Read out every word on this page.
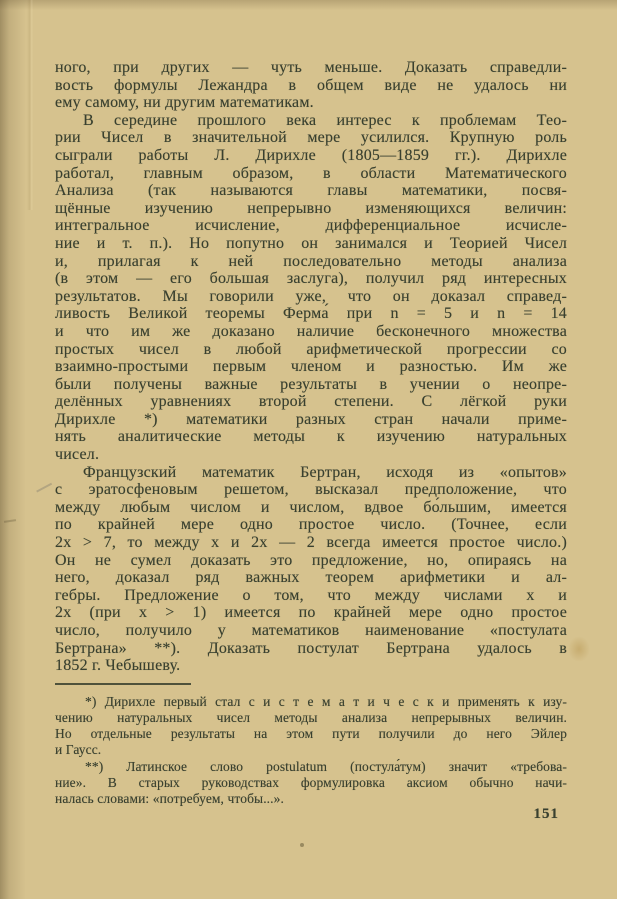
ного, при других — чуть меньше. Доказать справедли-
вость формулы Лежандра в общем виде не удалось ни
ему самому, ни другим математикам.
В середине прошлого века интерес к проблемам Тео-
рии Чисел в значительной мере усилился. Крупную роль
сыграли работы Л. Дирихле (1805—1859 гг.). Дирихле
работал, главным образом, в области Математического
Анализа (так называются главы математики, посвя-
щённые изучению непрерывно изменяющихся величин:
интегральное исчисление, дифференциальное исчисле-
ние и т. п.). Но попутно он занимался и Теорией Чисел
и, прилагая к ней последовательно методы анализа
(в этом — его большая заслуга), получил ряд интересных
результатов. Мы говорили уже, что он доказал справед-
ливость Великой теоремы Ферма́ при n = 5 и n = 14
и что им же доказано наличие бесконечного множества
простых чисел в любой арифметической прогрессии со
взаимно-простыми первым членом и разностью. Им же
были получены важные результаты в учении о неопре-
делённых уравнениях второй степени. С лёгкой руки
Дирихле *) математики разных стран начали приме-
нять аналитические методы к изучению натуральных
чисел.
Французский математик Бертран, исходя из «опытов»
с эратосфеновым решетом, высказал предположение, что
между любым числом и числом, вдвое бо́льшим, имеется
по крайней мере одно простое число. (Точнее, если
2x > 7, то между x и 2x — 2 всегда имеется простое число.)
Он не сумел доказать это предложение, но, опираясь на
него, доказал ряд важных теорем арифметики и ал-
гебры. Предложение о том, что между числами x и
2x (при x > 1) имеется по крайней мере одно простое
число, получило у математиков наименование «постулата
Бертрана» **). Доказать постулат Бертрана удалось в
1852 г. Чебышеву.
*) Дирихле первый стал с и с т е м а т и ч е с к и применять к изу-
чению натуральных чисел методы анализа непрерывных величин.
Но отдельные результаты на этом пути получили до него Эйлер
и Гаусс.
**) Латинское слово postulatum (постула́тум) значит «требова-
ние». В старых руководствах формулировка аксиом обычно начи-
налась словами: «потребуем, чтобы...».
151
